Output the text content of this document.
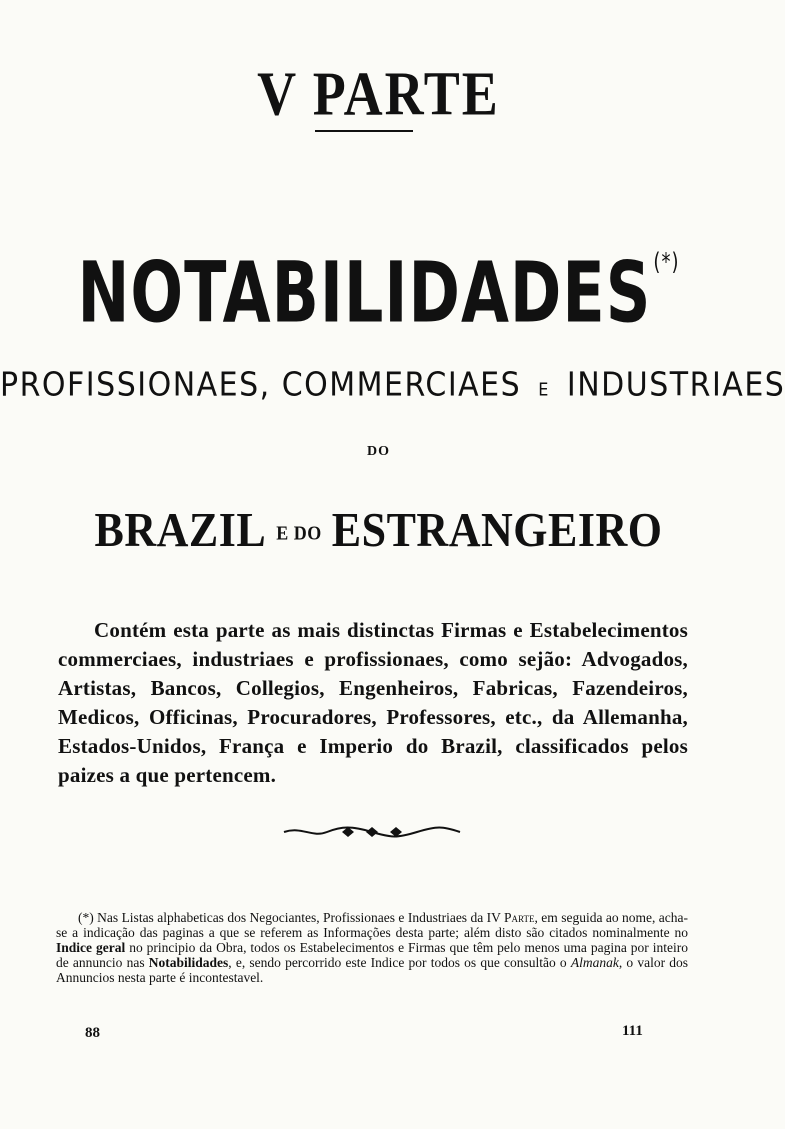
V PARTE
NOTABILIDADES (*)
PROFISSIONAES, COMMERCIAES E INDUSTRIAES
DO
BRAZIL E DO ESTRANGEIRO
Contém esta parte as mais distinctas Firmas e Estabelecimentos commerciaes, industriaes e profissionaes, como sejão: Advogados, Artistas, Bancos, Collegios, Engenheiros, Fabricas, Fazendeiros, Medicos, Officinas, Procuradores, Professores, etc., da Allemanha, Estados-Unidos, França e Imperio do Brazil, classificados pelos paizes a que pertencem.
(*) Nas Listas alphabeticas dos Negociantes, Profissionaes e Industriaes da IV Parte, em seguida ao nome, acha-se a indicação das paginas a que se referem as Informações desta parte; além disto são citados nominalmente no Indice geral no principio da Obra, todos os Estabelecimentos e Firmas que têm pelo menos uma pagina por inteiro de annuncio nas Notabilidades, e, sendo percorrido este Indice por todos os que consultão o Almanak, o valor dos Annuncios nesta parte é incontestavel.
88	111
